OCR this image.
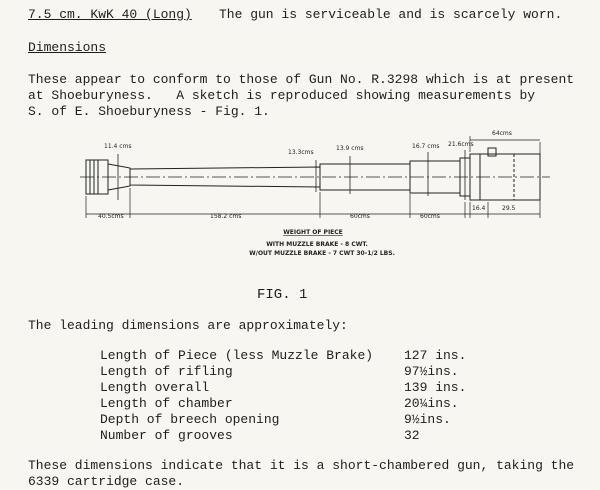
7.5 cm. KwK 40 (Long) The gun is serviceable and is scarcely worn.
Dimensions
These appear to conform to those of Gun No. R.3298 which is at present
at Shoeburyness.   A sketch is reproduced showing measurements by
S. of E. Shoeburyness - Fig. 1.
11.4 cms
13.3cms
13.9 cms	16.7 cms 21.6cms
64cms
40.5cms	158.2 cms	60cms	60cms
16.4	29.5
WEIGHT OF PIECE
WITH MUZZLE BRAKE - 8 CWT.
W/OUT MUZZLE BRAKE - 7 CWT 30-1/2 LBS.
FIG. 1
The leading dimensions are approximately:
Length of Piece (less Muzzle Brake) 127 ins.
Length of rifling	97½ins.
Length overall	139 ins.
Length of chamber	20¼ins.
Depth of breech opening	9½ins.
Number of grooves	32
These dimensions indicate that it is a short-chambered gun, taking the
6339 cartridge case.
